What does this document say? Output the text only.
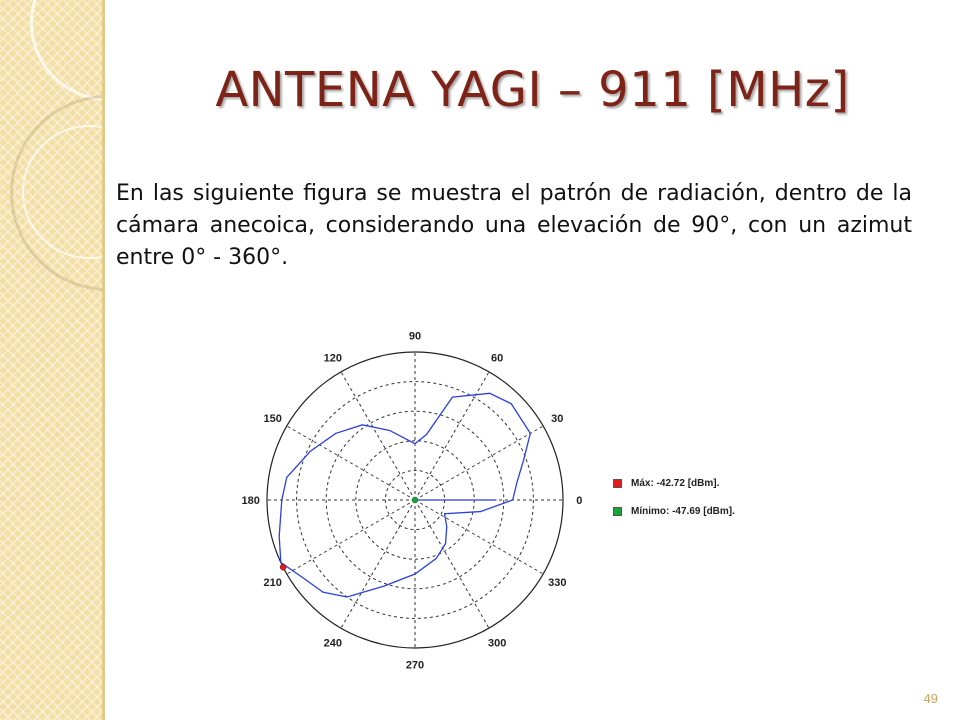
ANTENA YAGI – 911 [MHz]

En las siguiente figura se muestra el patrón de radiación, dentro de la cámara anecoica, considerando una elevación de 90°, con un azimut entre 0° - 360°.

0
30
60
90
120
150
180
210
240
270
300
330
Máx: -42.72 [dBm].
Mínimo: -47.69 [dBm].
49
